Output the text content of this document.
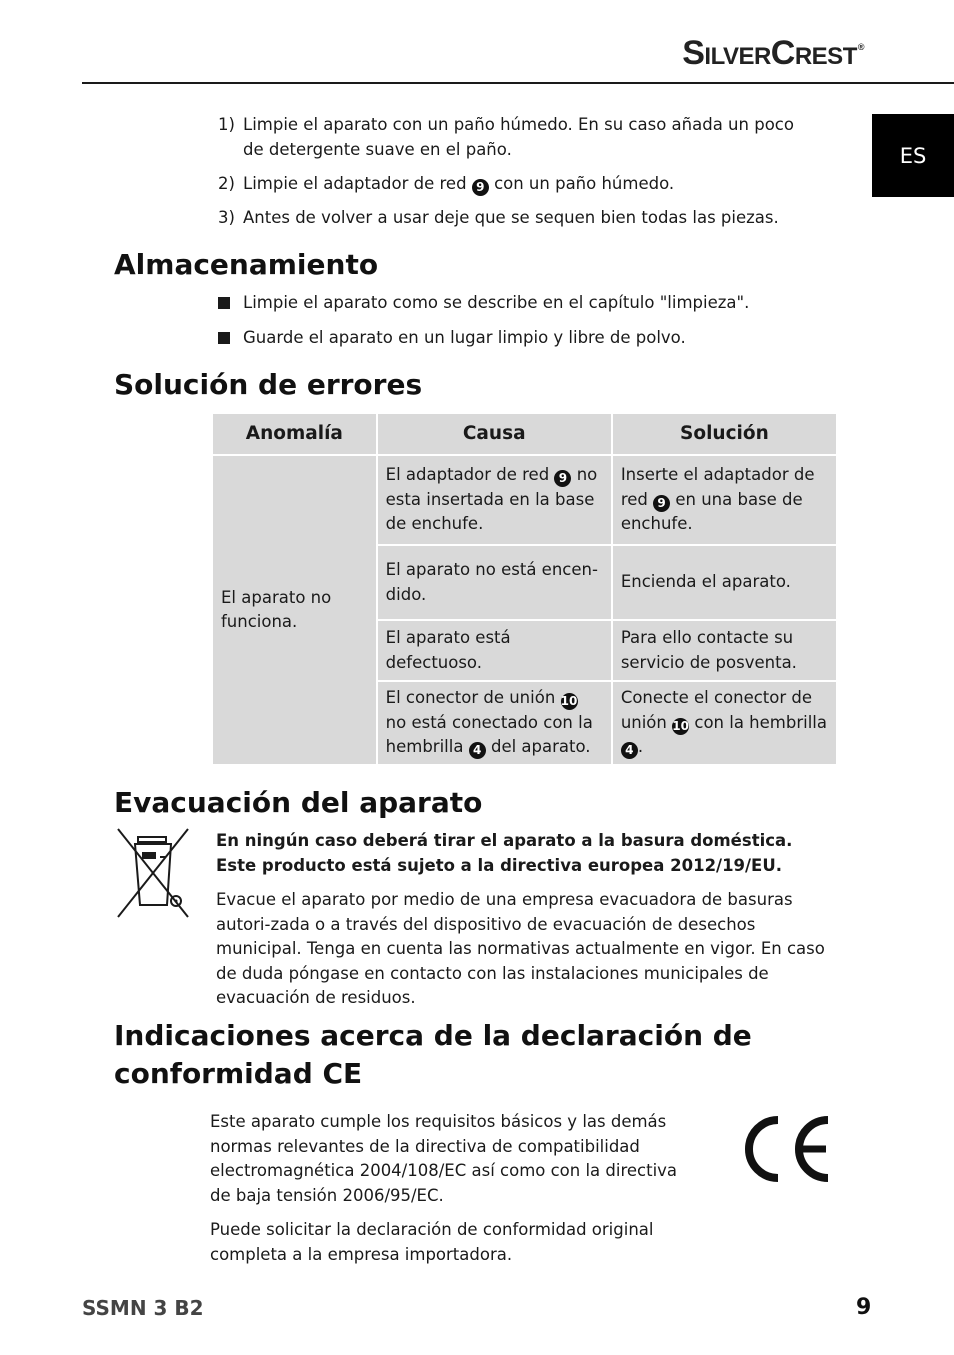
SilverCrest®
ES
1) Limpie el aparato con un paño húmedo. En su caso añada un poco de detergente suave en el paño.
2) Limpie el adaptador de red 9 con un paño húmedo.
3) Antes de volver a usar deje que se sequen bien todas las piezas.
Almacenamiento
Limpie el aparato como se describe en el capítulo "limpieza".
Guarde el aparato en un lugar limpio y libre de polvo.
Solución de errores
Anomalía	Causa	Solución
El aparato no funciona.	El adaptador de red 9 no esta insertada en la base de enchufe.	Inserte el adaptador de red 9 en una base de enchufe.
	El aparato no está encen-dido.	Encienda el aparato.
	El aparato está defectuoso.	Para ello contacte su servicio de posventa.
	El conector de unión 10 no está conectado con la hembrilla 4 del aparato.	Conecte el conector de unión 10 con la hembrilla 4 .
Evacuación del aparato
En ningún caso deberá tirar el aparato a la basura doméstica. Este producto está sujeto a la directiva europea 2012/19/EU.
Evacue el aparato por medio de una empresa evacuadora de basuras autori-zada o a través del dispositivo de evacuación de desechos municipal. Tenga en cuenta las normativas actualmente en vigor. En caso de duda póngase en contacto con las instalaciones municipales de evacuación de residuos.
Indicaciones acerca de la declaración de conformidad CE
Este aparato cumple los requisitos básicos y las demás normas relevantes de la directiva de compatibilidad electromagnética 2004/108/EC así como con la directiva de baja tensión 2006/95/EC.
Puede solicitar la declaración de conformidad original completa a la empresa importadora.
SSMN 3 B2	9
